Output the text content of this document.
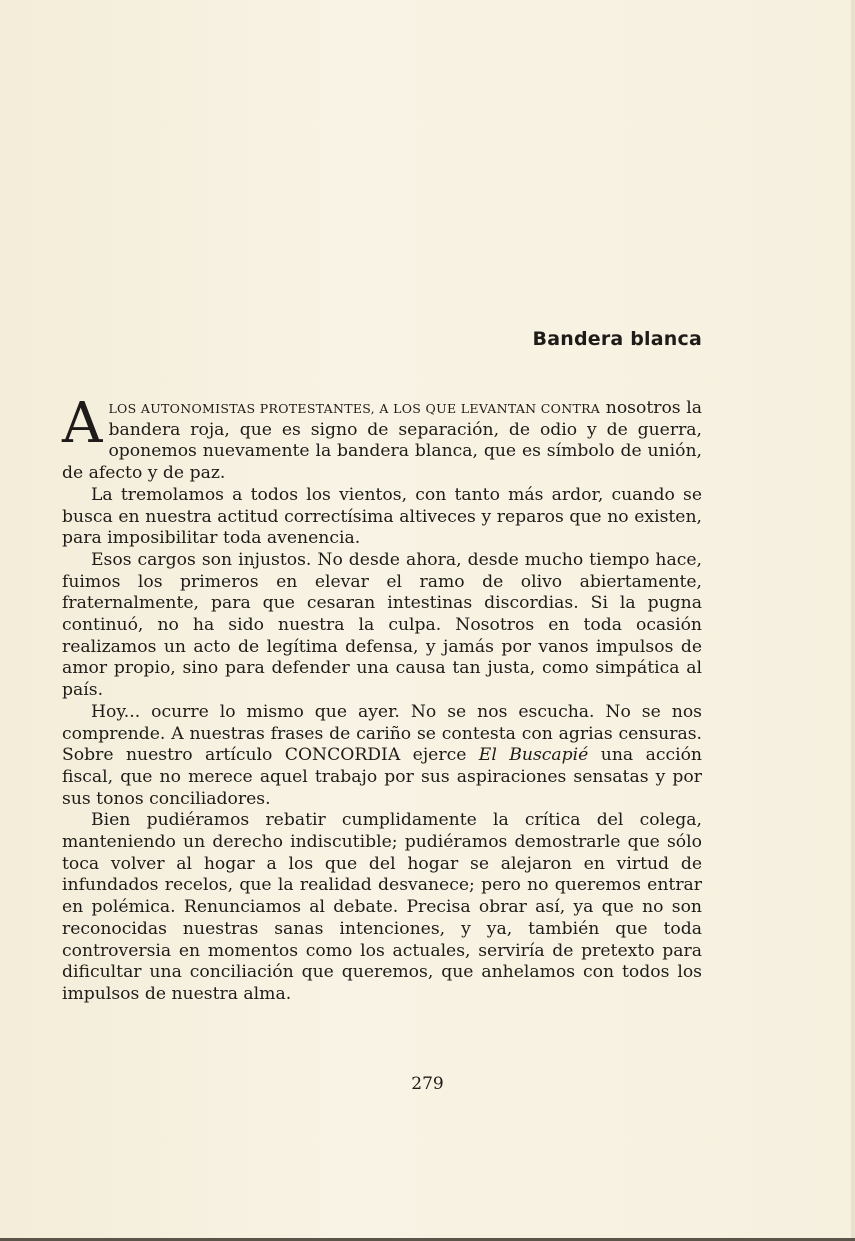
Bandera blanca

ALOS AUTONOMISTAS PROTESTANTES, A LOS QUE LEVANTAN CONTRA nosotros la bandera roja, que es signo de separación, de odio y de guerra, oponemos nuevamente la bandera blanca, que es símbolo de unión, de afecto y de paz.

La tremolamos a todos los vientos, con tanto más ardor, cuando se busca en nuestra actitud correctísima altiveces y reparos que no existen, para imposibilitar toda avenencia.

Esos cargos son injustos. No desde ahora, desde mucho tiempo hace, fuimos los primeros en elevar el ramo de olivo abiertamente, fraternalmente, para que cesaran intestinas discordias. Si la pugna continuó, no ha sido nuestra la culpa. Nosotros en toda ocasión realizamos un acto de legítima defensa, y jamás por vanos impulsos de amor propio, sino para defender una causa tan justa, como simpática al país.

Hoy... ocurre lo mismo que ayer. No se nos escucha. No se nos comprende. A nuestras frases de cariño se contesta con agrias censuras. Sobre nuestro artículo CONCORDIA ejerce El Buscapié una acción fiscal, que no merece aquel trabajo por sus aspiraciones sensatas y por sus tonos conciliadores.

Bien pudiéramos rebatir cumplidamente la crítica del colega, manteniendo un derecho indiscutible; pudiéramos demostrarle que sólo toca volver al hogar a los que del hogar se alejaron en virtud de infundados recelos, que la realidad desvanece; pero no queremos entrar en polémica. Renunciamos al debate. Precisa obrar así, ya que no son reconocidas nuestras sanas intenciones, y ya, también que toda controversia en momentos como los actuales, serviría de pretexto para dificultar una conciliación que queremos, que anhelamos con todos los impulsos de nuestra alma.

279
